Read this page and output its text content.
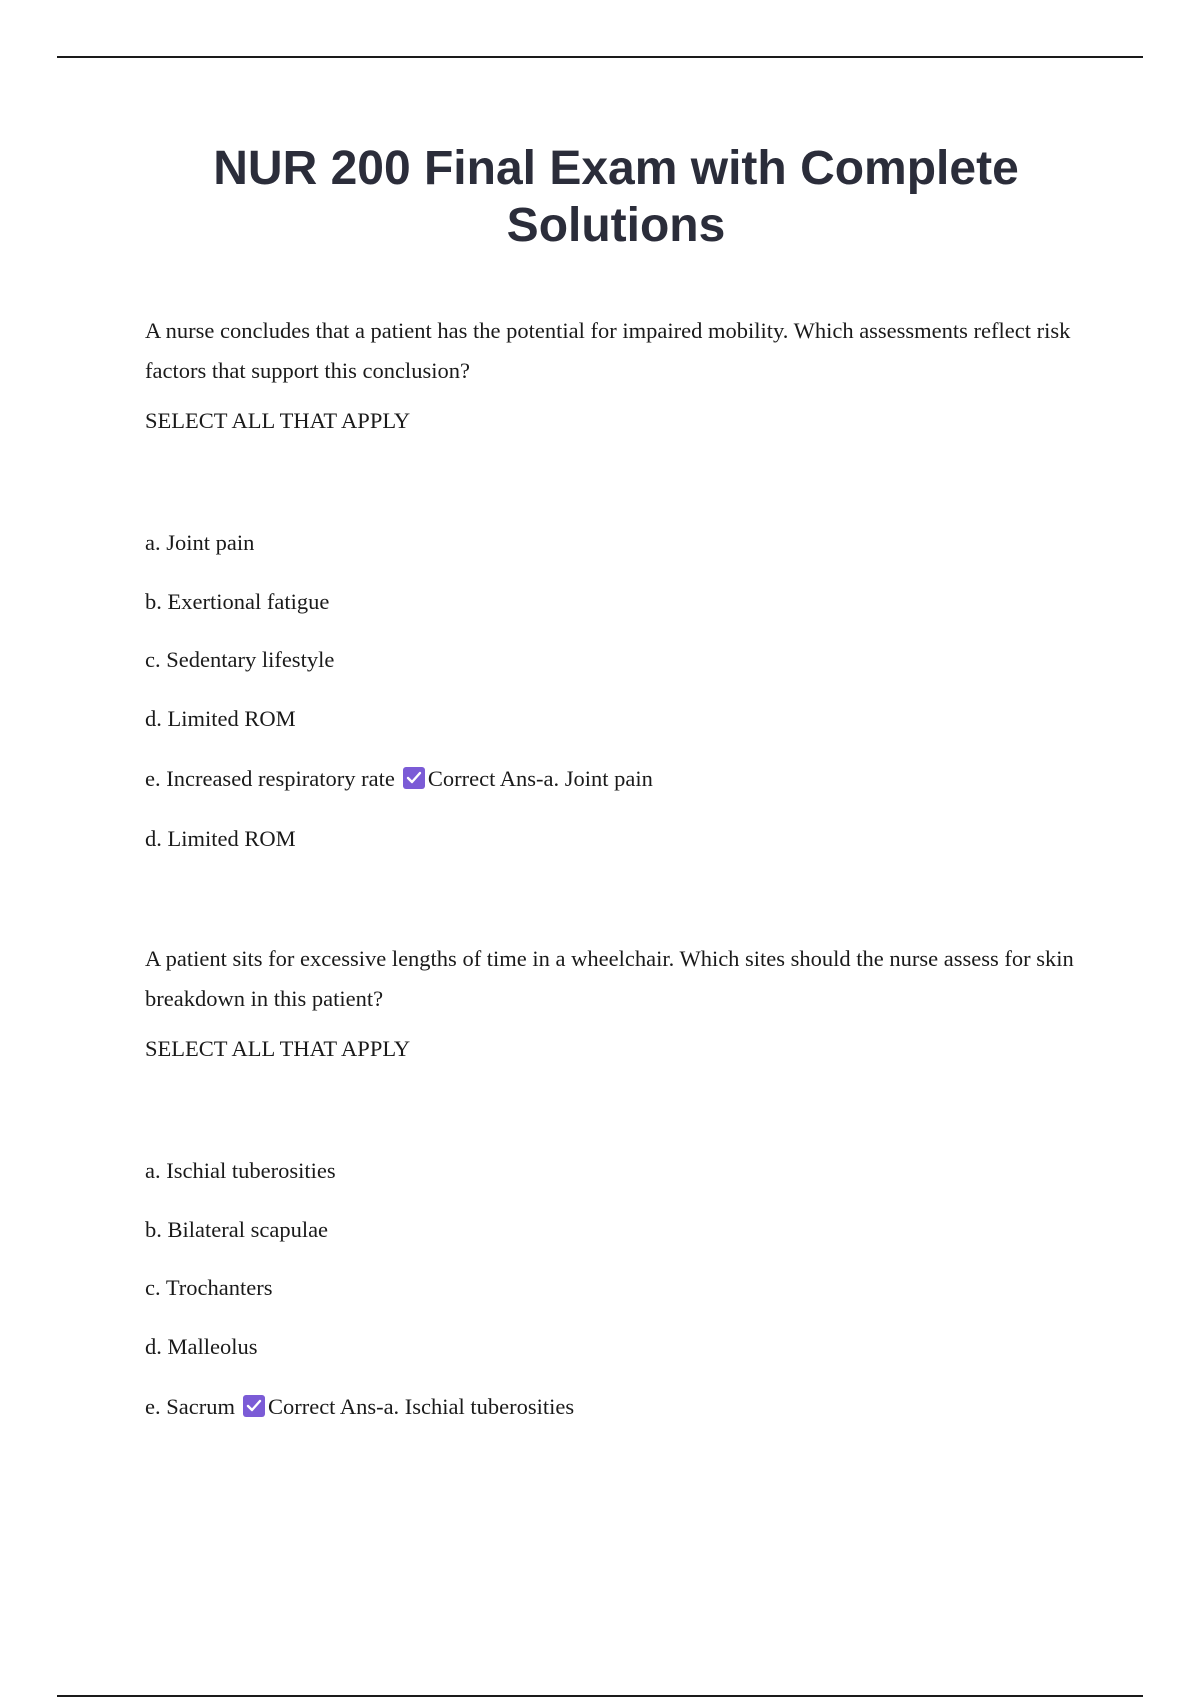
NUR 200 Final Exam with Complete Solutions

A nurse concludes that a patient has the potential for impaired mobility. Which assessments reflect risk factors that support this conclusion?

SELECT ALL THAT APPLY

a. Joint pain
b. Exertional fatigue
c. Sedentary lifestyle
d. Limited ROM
e. Increased respiratory rate Correct Ans-a. Joint pain
d. Limited ROM

A patient sits for excessive lengths of time in a wheelchair. Which sites should the nurse assess for skin breakdown in this patient?

SELECT ALL THAT APPLY

a. Ischial tuberosities
b. Bilateral scapulae
c. Trochanters
d. Malleolus
e. Sacrum Correct Ans-a. Ischial tuberosities
